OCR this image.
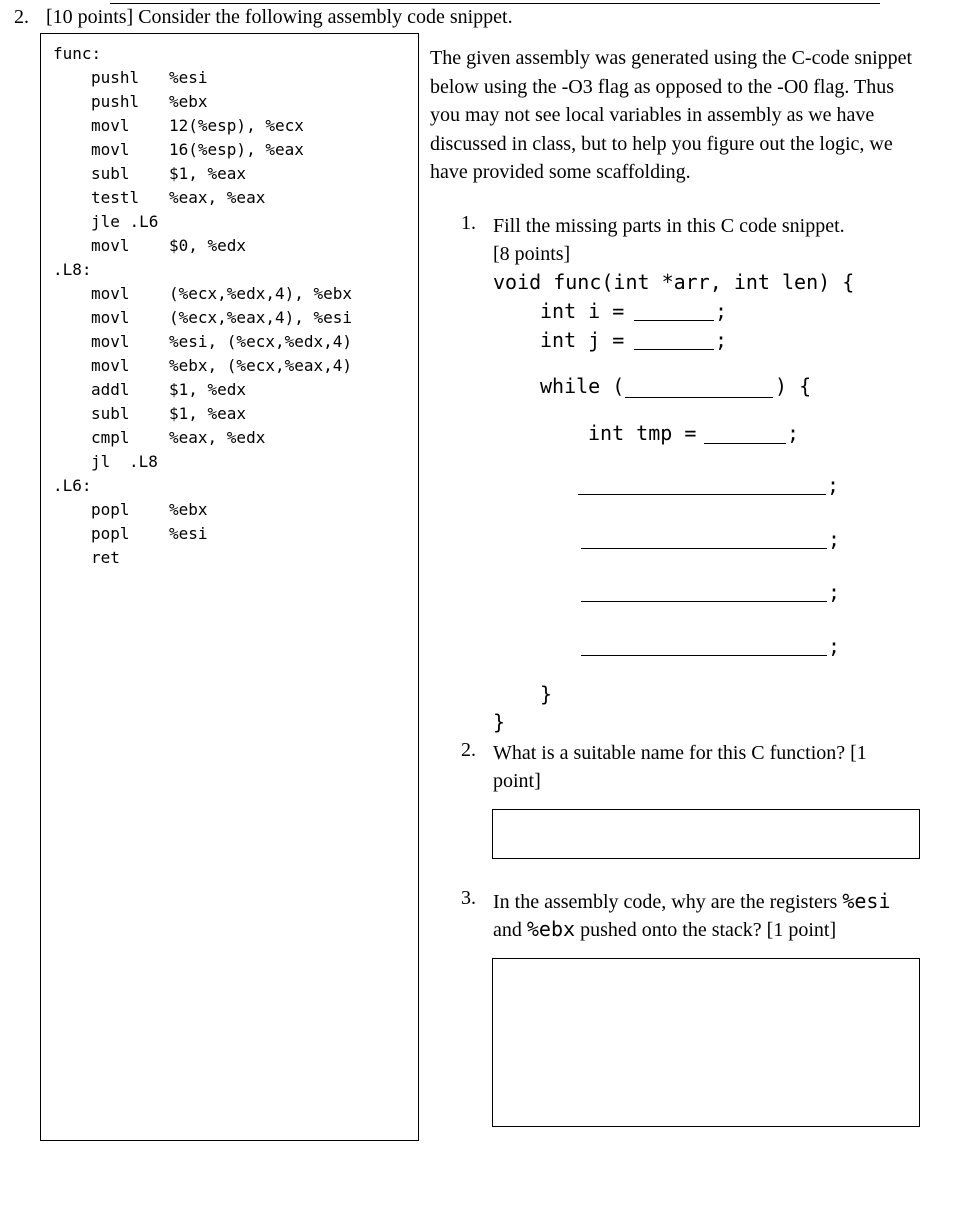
2. [10 points] Consider the following assembly code snippet.
func:
pushl %esi
pushl %ebx
movl 12(%esp), %ecx
movl 16(%esp), %eax
subl $1, %eax
testl %eax, %eax
jle .L6
movl $0, %edx
.L8:
movl (%ecx,%edx,4), %ebx
movl (%ecx,%eax,4), %esi
movl %esi, (%ecx,%edx,4)
movl %ebx, (%ecx,%eax,4)
addl $1, %edx
subl $1, %eax
cmpl %eax, %edx
jl .L8
.L6:
popl %ebx
popl %esi
ret
The given assembly was generated using the C-code snippet below using the -O3 flag as opposed to the -O0 flag. Thus you may not see local variables in assembly as we have discussed in class, but to help you figure out the logic, we have provided some scaffolding.
1. Fill the missing parts in this C code snippet.
[8 points]
void func(int *arr, int len) {
int i =	;
int j =	;
while (	) {
int tmp =	;
;
;
;
;
}
}
2. What is a suitable name for this C function? [1
point]
3. In the assembly code, why are the registers %esi
and %ebx pushed onto the stack? [1 point]
